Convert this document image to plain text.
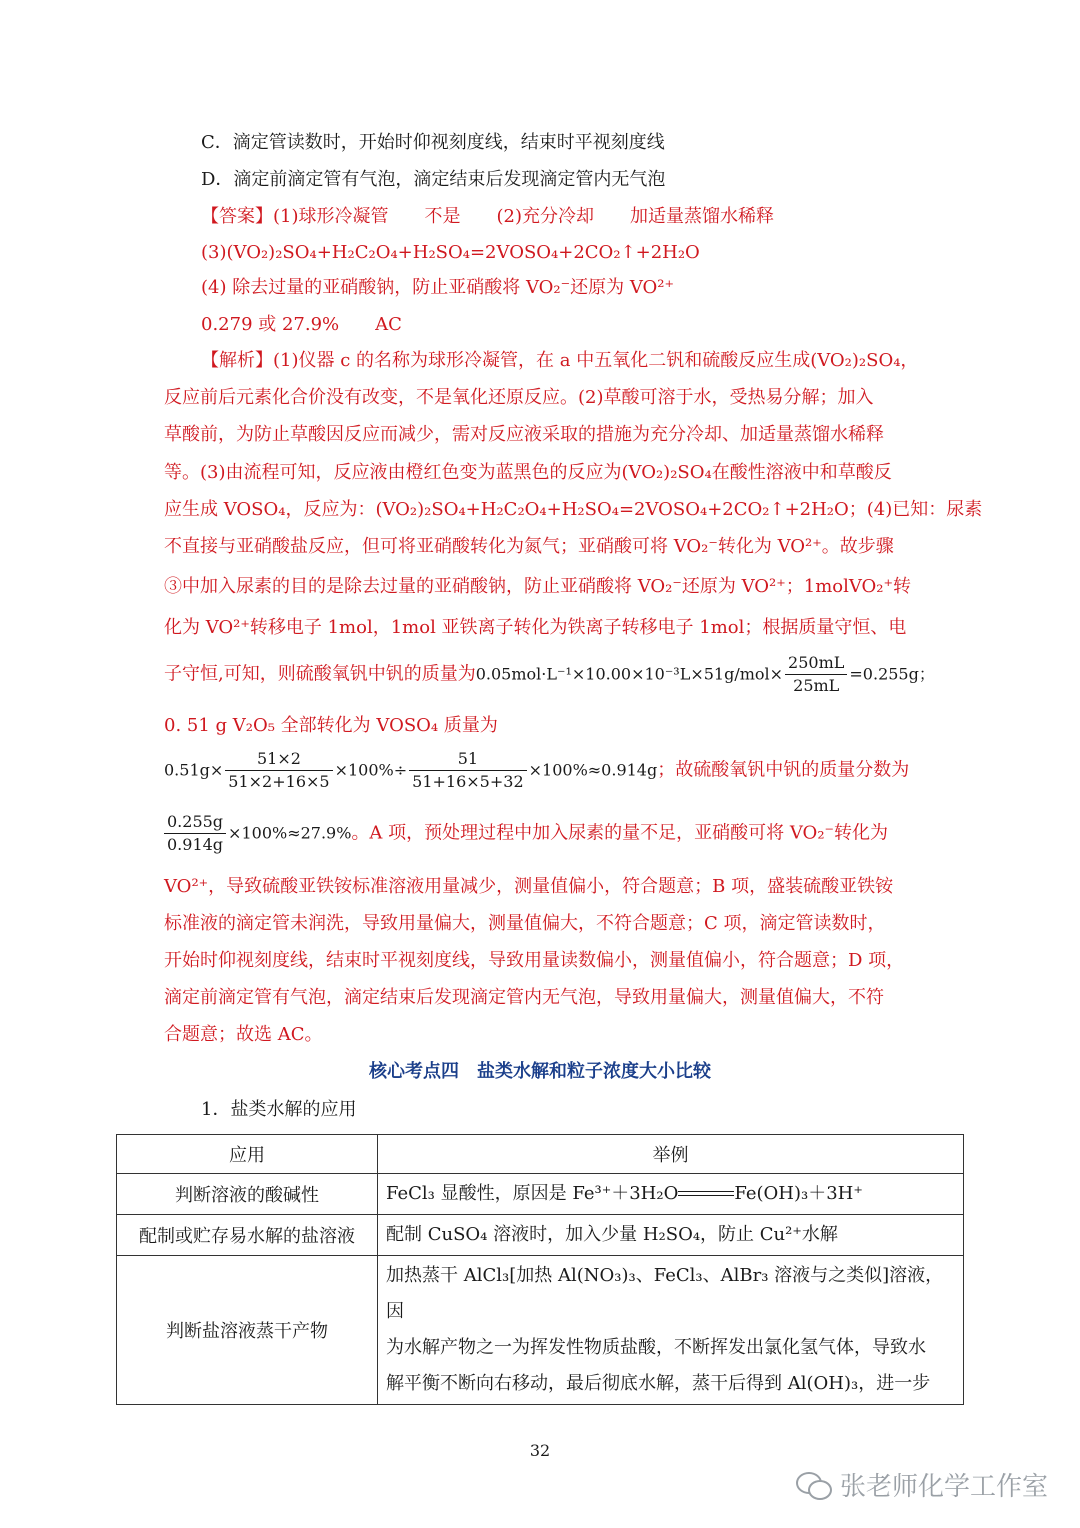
C．滴定管读数时，开始时仰视刻度线，结束时平视刻度线
D．滴定前滴定管有气泡，滴定结束后发现滴定管内无气泡
【答案】(1)球形冷凝管　　不是　　(2)充分冷却　　加适量蒸馏水稀释
(3)(VO₂)₂SO₄+H₂C₂O₄+H₂SO₄=2VOSO₄+2CO₂↑+2H₂O
(4) 除去过量的亚硝酸钠，防止亚硝酸将 VO₂⁻还原为 VO²⁺
0.279 或 27.9%　　AC
【解析】(1)仪器 c 的名称为球形冷凝管，在 a 中五氧化二钒和硫酸反应生成(VO₂)₂SO₄，
反应前后元素化合价没有改变，不是氧化还原反应。(2)草酸可溶于水，受热易分解；加入
草酸前，为防止草酸因反应而减少，需对反应液采取的措施为充分冷却、加适量蒸馏水稀释
等。(3)由流程可知，反应液由橙红色变为蓝黑色的反应为(VO₂)₂SO₄在酸性溶液中和草酸反
应生成 VOSO₄，反应为：(VO₂)₂SO₄+H₂C₂O₄+H₂SO₄=2VOSO₄+2CO₂↑+2H₂O；(4)已知：尿素
不直接与亚硝酸盐反应，但可将亚硝酸转化为氮气；亚硝酸可将 VO₂⁻转化为 VO²⁺。故步骤
③中加入尿素的目的是除去过量的亚硝酸钠，防止亚硝酸将 VO₂⁻还原为 VO²⁺；1molVO₂⁺转
化为 VO²⁺转移电子 1mol，1mol 亚铁离子转化为铁离子转移电子 1mol；根据质量守恒、电
子守恒,可知，则硫酸氧钒中钒的质量为$0.05mol\cdot L^{-1}\times 10.00\times 10^{-3}L\times 51g/mol\times \frac{250mL}{25mL} =0.255g$；
0. 51 g V₂O₅ 全部转化为 VOSO₄ 质量为
$0.51g\times \frac{51\times 2}{51\times 2+16\times 5} \times 100\%\div \frac{51}{51+16\times 5+32} \times 100\%\approx 0.914g$；故硫酸氧钒中钒的质量分数为
$\frac{0.255g}{0.914g} \times 100\%\approx 27.9\%$。A 项，预处理过程中加入尿素的量不足，亚硝酸可将 VO₂⁻转化为
VO²⁺，导致硫酸亚铁铵标准溶液用量减少，测量值偏小，符合题意；B 项，盛装硫酸亚铁铵
标准液的滴定管未润洗，导致用量偏大，测量值偏大，不符合题意；C 项，滴定管读数时，
开始时仰视刻度线，结束时平视刻度线，导致用量读数偏小，测量值偏小，符合题意；D 项，
滴定前滴定管有气泡，滴定结束后发现滴定管内无气泡，导致用量偏大，测量值偏大，不符
合题意；故选 AC。
核心考点四　盐类水解和粒子浓度大小比较
1．盐类水解的应用
应用	举例
判断溶液的酸碱性	FeCl₃ 显酸性，原因是 Fe³⁺＋3H₂O Fe(OH)₃＋3H⁺
配制或贮存易水解的盐溶液	配制 CuSO₄ 溶液时，加入少量 H₂SO₄，防止 Cu²⁺水解
判断盐溶液蒸干产物	加热蒸干 AlCl₃[加热 Al(NO₃)₃、FeCl₃、AlBr₃ 溶液与之类似]溶液，因
为水解产物之一为挥发性物质盐酸，不断挥发出氯化氢气体，导致水
解平衡不断向右移动，最后彻底水解，蒸干后得到 Al(OH)₃，进一步
32
张老师化学工作室
